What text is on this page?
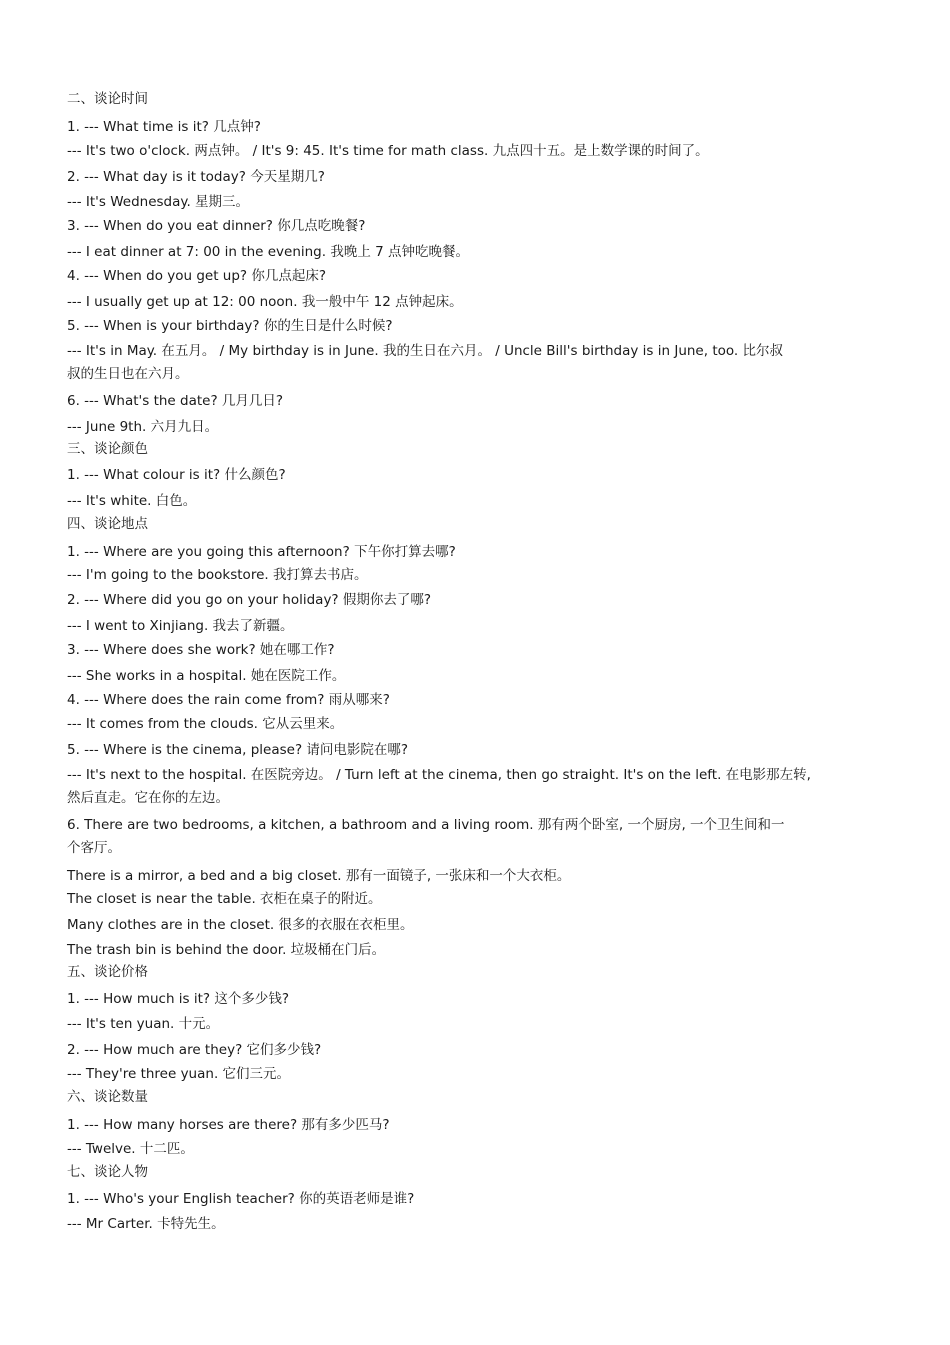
二、谈论时间
1. --- What time is it? 几点钟?
--- It's two o'clock. 两点钟。 / It's 9: 45. It's time for math class. 九点四十五。是上数学课的时间了。
2. --- What day is it today? 今天星期几?
--- It's Wednesday. 星期三。
3. --- When do you eat dinner? 你几点吃晚餐?
--- I eat dinner at 7: 00 in the evening. 我晚上 7 点钟吃晚餐。
4. --- When do you get up? 你几点起床?
--- I usually get up at 12: 00 noon. 我一般中午 12 点钟起床。
5. --- When is your birthday? 你的生日是什么时候?
--- It's in May. 在五月。 / My birthday is in June. 我的生日在六月。 / Uncle Bill's birthday is in June, too. 比尔叔
叔的生日也在六月。
6. --- What's the date? 几月几日?
--- June 9th. 六月九日。
三、谈论颜色
1. --- What colour is it? 什么颜色?
--- It's white. 白色。
四、谈论地点
1. --- Where are you going this afternoon? 下午你打算去哪?
--- I'm going to the bookstore. 我打算去书店。
2. --- Where did you go on your holiday? 假期你去了哪?
--- I went to Xinjiang. 我去了新疆。
3. --- Where does she work? 她在哪工作?
--- She works in a hospital. 她在医院工作。
4. --- Where does the rain come from? 雨从哪来?
--- It comes from the clouds. 它从云里来。
5. --- Where is the cinema, please? 请问电影院在哪?
--- It's next to the hospital. 在医院旁边。 / Turn left at the cinema, then go straight. It's on the left. 在电影那左转,
然后直走。它在你的左边。
6. There are two bedrooms, a kitchen, a bathroom and a living room. 那有两个卧室, 一个厨房, 一个卫生间和一
个客厅。
There is a mirror, a bed and a big closet. 那有一面镜子, 一张床和一个大衣柜。
The closet is near the table. 衣柜在桌子的附近。
Many clothes are in the closet. 很多的衣服在衣柜里。
The trash bin is behind the door. 垃圾桶在门后。
五、谈论价格
1. --- How much is it? 这个多少钱?
--- It's ten yuan. 十元。
2. --- How much are they? 它们多少钱?
--- They're three yuan. 它们三元。
六、谈论数量
1. --- How many horses are there? 那有多少匹马?
--- Twelve. 十二匹。
七、谈论人物
1. --- Who's your English teacher? 你的英语老师是谁?
--- Mr Carter. 卡特先生。
